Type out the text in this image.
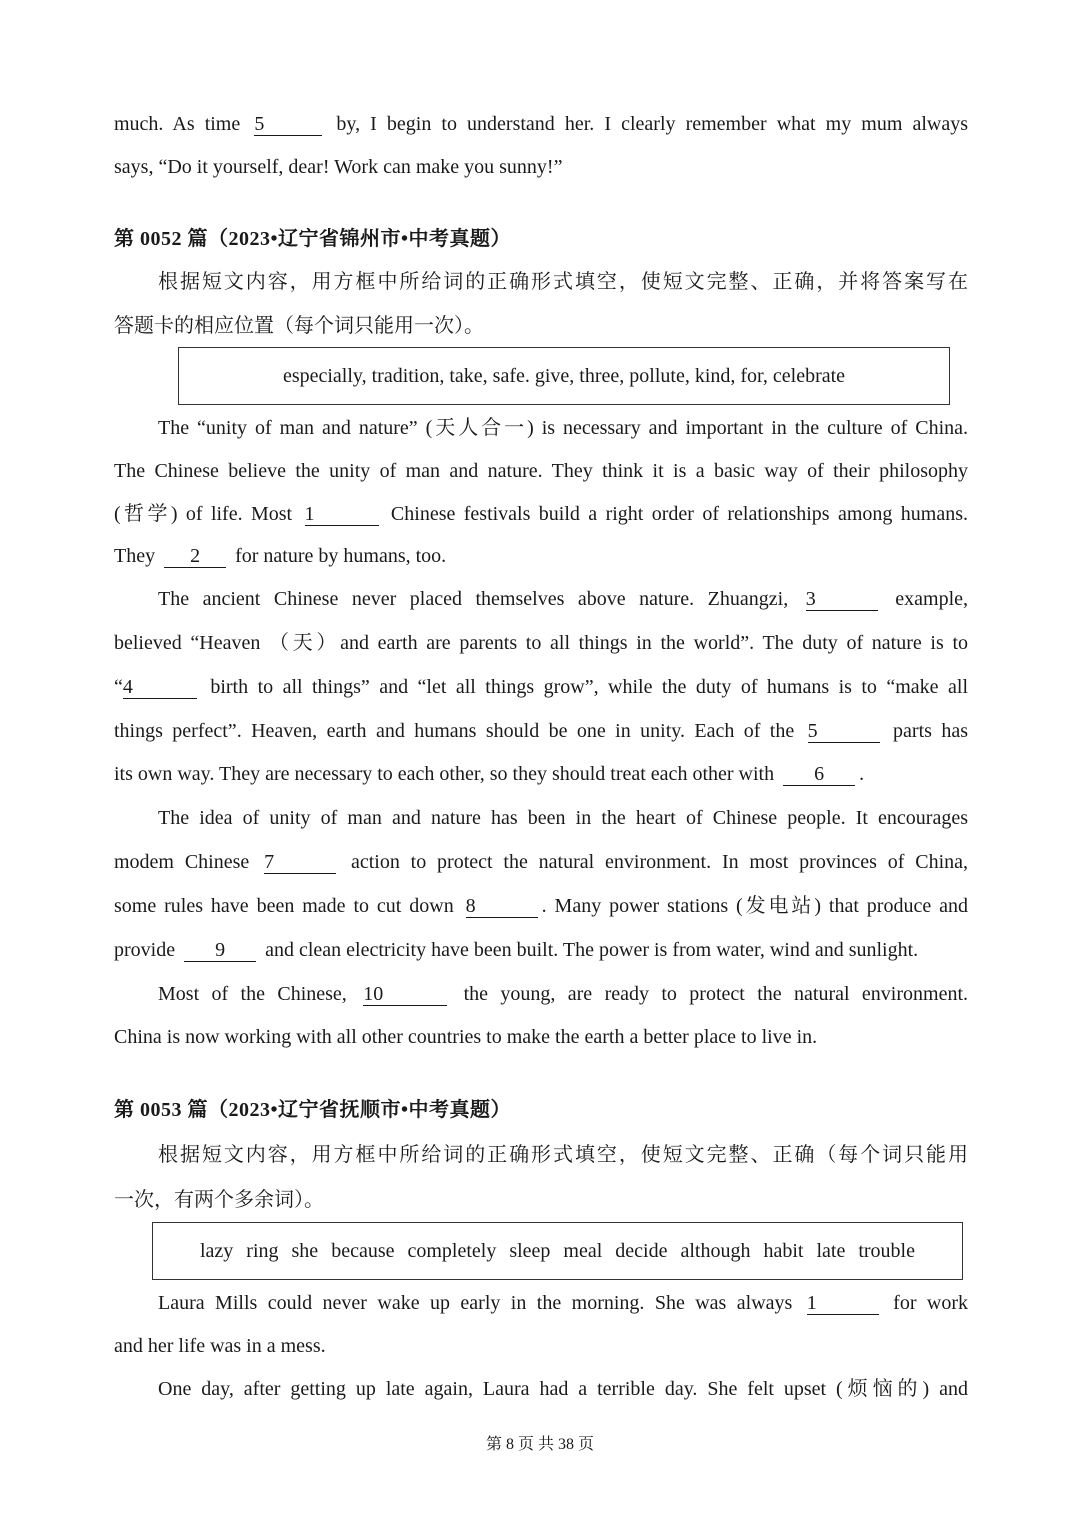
much. As time 5	by, I begin to understand her. I clearly remember what my mum always
says, “Do it yourself, dear! Work can make you sunny!”
第 0052 篇（2023•辽宁省锦州市•中考真题）
根据短文内容，用方框中所给词的正确形式填空，使短文完整、正确，并将答案写在
答题卡的相应位置（每个词只能用一次）。
especially, tradition, take, safe. give, three, pollute, kind, for, celebrate
The “unity of man and nature” (天人合一) is necessary and important in the culture of China.
The Chinese believe the unity of man and nature. They think it is a basic way of their philosophy
(哲学) of life. Most 1	Chinese festivals build a right order of relationships among humans.
They 2 for nature by humans, too.
The ancient Chinese never placed themselves above nature. Zhuangzi, 3	example,
believed “Heaven （天）and earth are parents to all things in the world”. The duty of nature is to
“4	birth to all things” and “let all things grow”, while the duty of humans is to “make all
things perfect”. Heaven, earth and humans should be one in unity. Each of the 5	parts has
its own way. They are necessary to each other, so they should treat each other with 6 .
The idea of unity of man and nature has been in the heart of Chinese people. It encourages
modem Chinese 7	action to protect the natural environment. In most provinces of China,
some rules have been made to cut down 8	. Many power stations (发电站) that produce and
provide 9 and clean electricity have been built. The power is from water, wind and sunlight.
Most of the Chinese, 10	the young, are ready to protect the natural environment.
China is now working with all other countries to make the earth a better place to live in.
第 0053 篇（2023•辽宁省抚顺市•中考真题）
根据短文内容，用方框中所给词的正确形式填空，使短文完整、正确（每个词只能用
一次，有两个多余词）。
lazy ring she because completely sleep meal decide although habit late trouble
Laura Mills could never wake up early in the morning. She was always 1	for work
and her life was in a mess.
One day, after getting up late again, Laura had a terrible day. She felt upset (烦恼的) and
第 8 页 共 38 页
